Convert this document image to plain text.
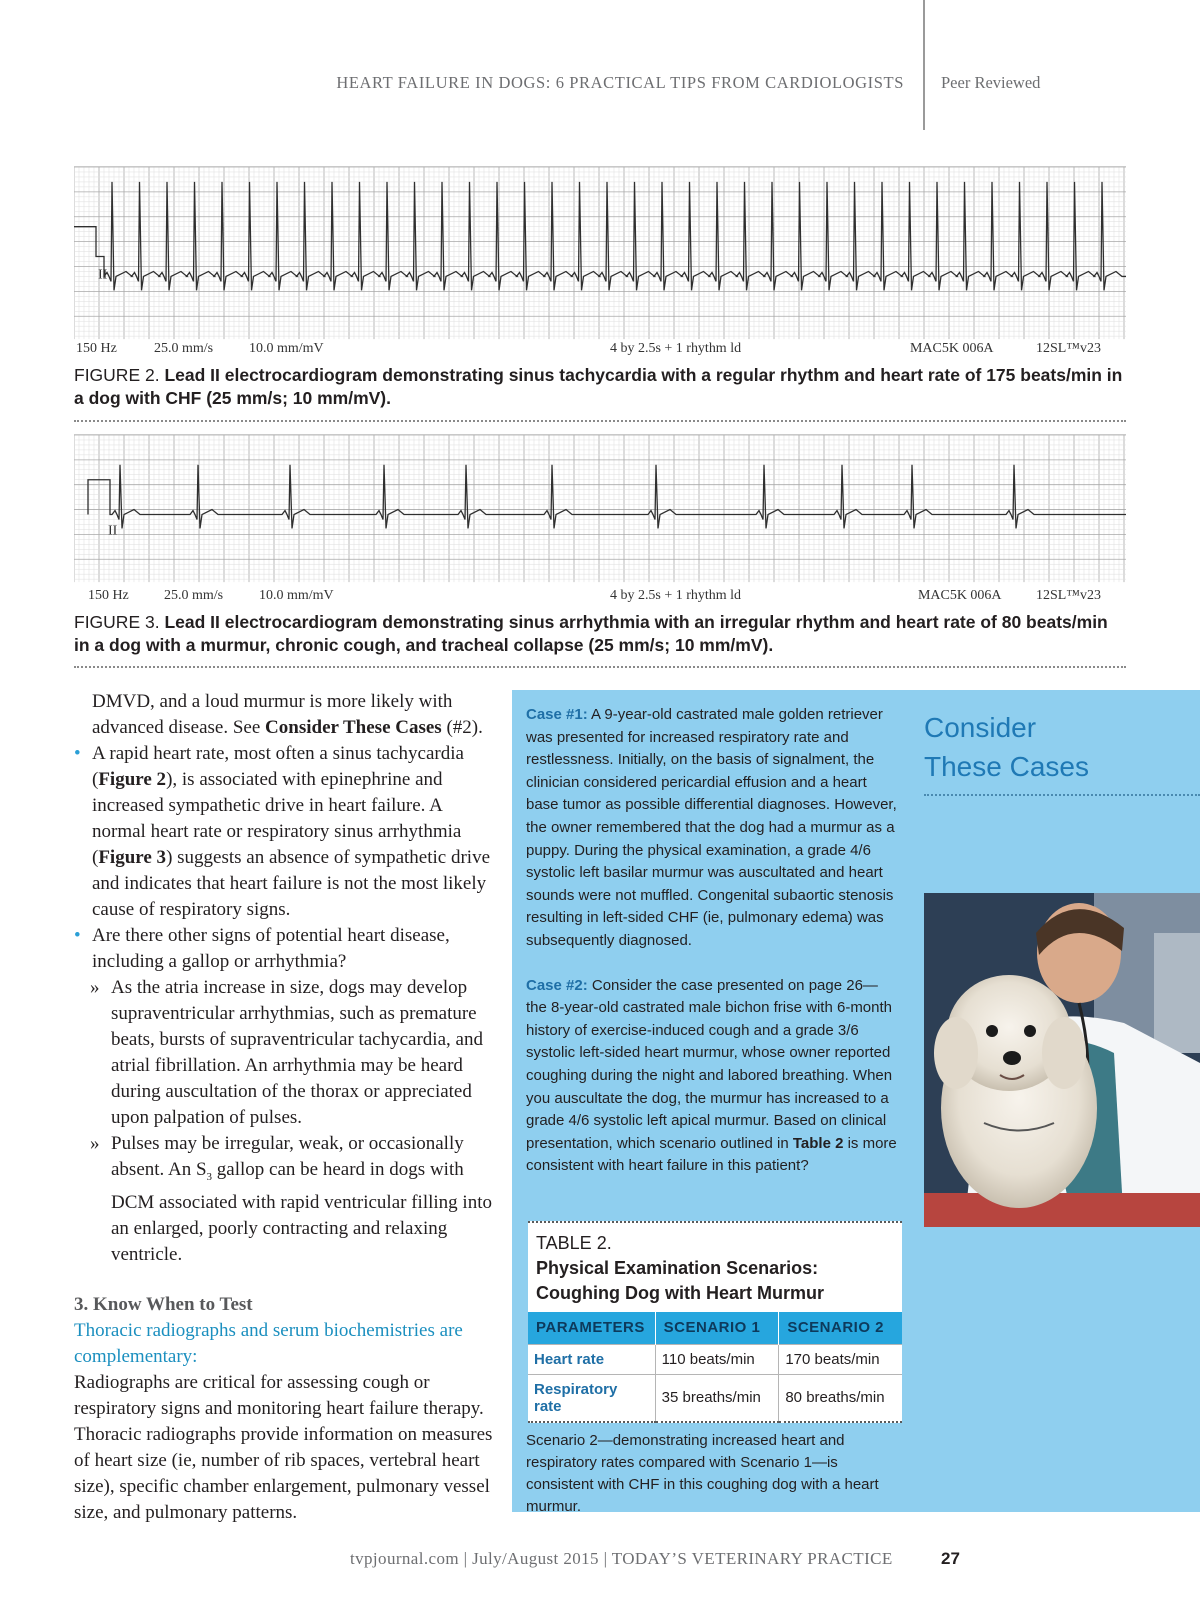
HEART FAILURE IN DOGS: 6 PRACTICAL TIPS FROM CARDIOLOGISTS Peer Reviewed
II
150 Hz	25.0 mm/s	10.0 mm/mV	4 by 2.5s + 1 rhythm ld	MAC5K 006A	12SL™v23
FIGURE 2. Lead II electrocardiogram demonstrating sinus tachycardia with a regular rhythm and heart rate of 175 beats/min in a dog with CHF (25 mm/s; 10 mm/mV).
II
150 Hz	25.0 mm/s	10.0 mm/mV	4 by 2.5s + 1 rhythm ld	MAC5K 006A 12SL™v23
FIGURE 3. Lead II electrocardiogram demonstrating sinus arrhythmia with an irregular rhythm and heart rate of 80 beats/min in a dog with a murmur, chronic cough, and tracheal collapse (25 mm/s; 10 mm/mV).

DMVD, and a loud murmur is more likely with advanced disease. See Consider These Cases (#2).

• A rapid heart rate, most often a sinus tachycardia (Figure 2), is associated with epinephrine and increased sympathetic drive in heart failure. A normal heart rate or respiratory sinus arrhythmia (Figure 3) suggests an absence of sympathetic drive and indicates that heart failure is not the most likely cause of respiratory signs.

• Are there other signs of potential heart disease, including a gallop or arrhythmia?

» As the atria increase in size, dogs may develop supraventricular arrhythmias, such as premature beats, bursts of supraventricular tachycardia, and atrial fibrillation. An arrhythmia may be heard during auscultation of the thorax or appreciated upon palpation of pulses.

» Pulses may be irregular, weak, or occasionally absent. An $S_3$ gallop can be heard in dogs with DCM associated with rapid ventricular filling into an enlarged, poorly contracting and relaxing ventricle.

3. Know When to Test

Thoracic radiographs and serum biochemistries are complementary:

Radiographs are critical for assessing cough or respiratory signs and monitoring heart failure therapy. Thoracic radiographs provide information on measures of heart size (ie, number of rib spaces, vertebral heart size), specific chamber enlargement, pulmonary vessel size, and pulmonary patterns.

Case #1: A 9-year-old castrated male golden retriever was presented for increased respiratory rate and restlessness. Initially, on the basis of signalment, the clinician considered pericardial effusion and a heart base tumor as possible differential diagnoses. However, the owner remembered that the dog had a murmur as a puppy. During the physical examination, a grade 4/6 systolic left basilar murmur was auscultated and heart sounds were not muffled. Congenital subaortic stenosis resulting in left-sided CHF (ie, pulmonary edema) was subsequently diagnosed.

Case #2: Consider the case presented on page 26—the 8-year-old castrated male bichon frise with 6-month history of exercise-induced cough and a grade 3/6 systolic left-sided heart murmur, whose owner reported coughing during the night and labored breathing. When you auscultate the dog, the murmur has increased to a grade 4/6 systolic left apical murmur. Based on clinical presentation, which scenario outlined in Table 2 is more consistent with heart failure in this patient?

Consider
These Cases
TABLE 2.
Physical Examination Scenarios: Coughing Dog with Heart Murmur
PARAMETERS	SCENARIO 1	SCENARIO 2
Heart rate	110 beats/min	170 beats/min
Respiratory rate	35 breaths/min	80 breaths/min
Scenario 2—demonstrating increased heart and respiratory rates compared with Scenario 1—is consistent with CHF in this coughing dog with a heart murmur.
tvpjournal.com | July/August 2015 | TODAY’S VETERINARY PRACTICE	27
